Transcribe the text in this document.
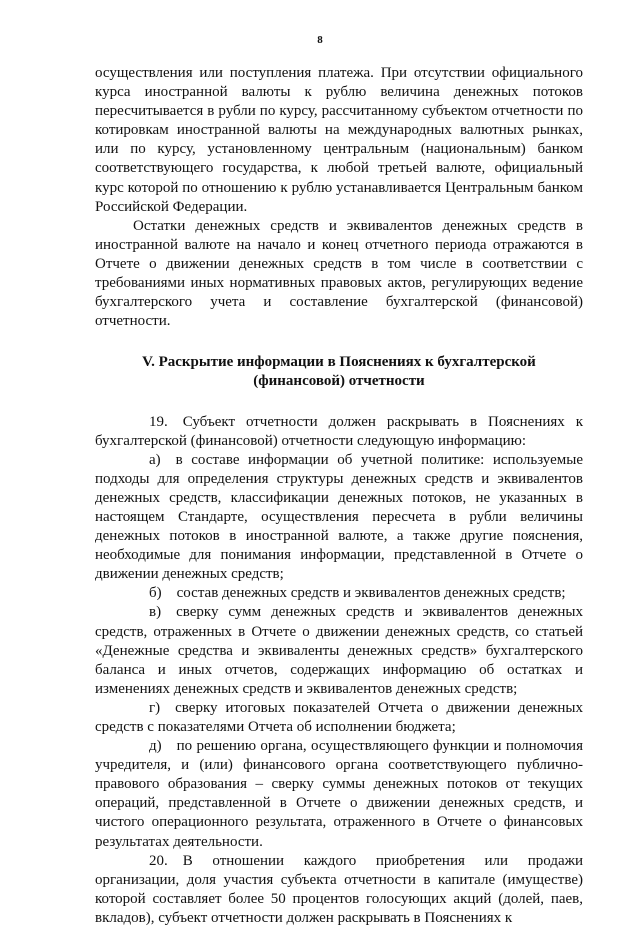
8

осуществления или поступления платежа. При отсутствии официального курса иностранной валюты к рублю величина денежных потоков пересчитывается в рубли по курсу, рассчитанному субъектом отчетности по котировкам иностранной валюты на международных валютных рынках, или по курсу, установленному центральным (национальным) банком соответствующего государства, к любой третьей валюте, официальный курс которой по отношению к рублю устанавливается Центральным банком Российской Федерации.

Остатки денежных средств и эквивалентов денежных средств в иностранной валюте на начало и конец отчетного периода отражаются в Отчете о движении денежных средств в том числе в соответствии с требованиями иных нормативных правовых актов, регулирующих ведение бухгалтерского учета и составление бухгалтерской (финансовой) отчетности.

V. Раскрытие информации в Пояснениях к бухгалтерской
(финансовой) отчетности

19. Субъект отчетности должен раскрывать в Пояснениях к бухгалтерской (финансовой) отчетности следующую информацию:

а) в составе информации об учетной политике: используемые подходы для определения структуры денежных средств и эквивалентов денежных средств, классификации денежных потоков, не указанных в настоящем Стандарте, осуществления пересчета в рубли величины денежных потоков в иностранной валюте, а также другие пояснения, необходимые для понимания информации, представленной в Отчете о движении денежных средств;

б) состав денежных средств и эквивалентов денежных средств;

в) сверку сумм денежных средств и эквивалентов денежных средств, отраженных в Отчете о движении денежных средств, со статьей «Денежные средства и эквиваленты денежных средств» бухгалтерского баланса и иных отчетов, содержащих информацию об остатках и изменениях денежных средств и эквивалентов денежных средств;

г) сверку итоговых показателей Отчета о движении денежных средств с показателями Отчета об исполнении бюджета;

д) по решению органа, осуществляющего функции и полномочия учредителя, и (или) финансового органа соответствующего публично-правового образования – сверку суммы денежных потоков от текущих операций, представленной в Отчете о движении денежных средств, и чистого операционного результата, отраженного в Отчете о финансовых результатах деятельности.

20. В отношении каждого приобретения или продажи организации, доля участия субъекта отчетности в капитале (имуществе) которой составляет более 50 процентов голосующих акций (долей, паев, вкладов), субъект отчетности должен раскрывать в Пояснениях к
